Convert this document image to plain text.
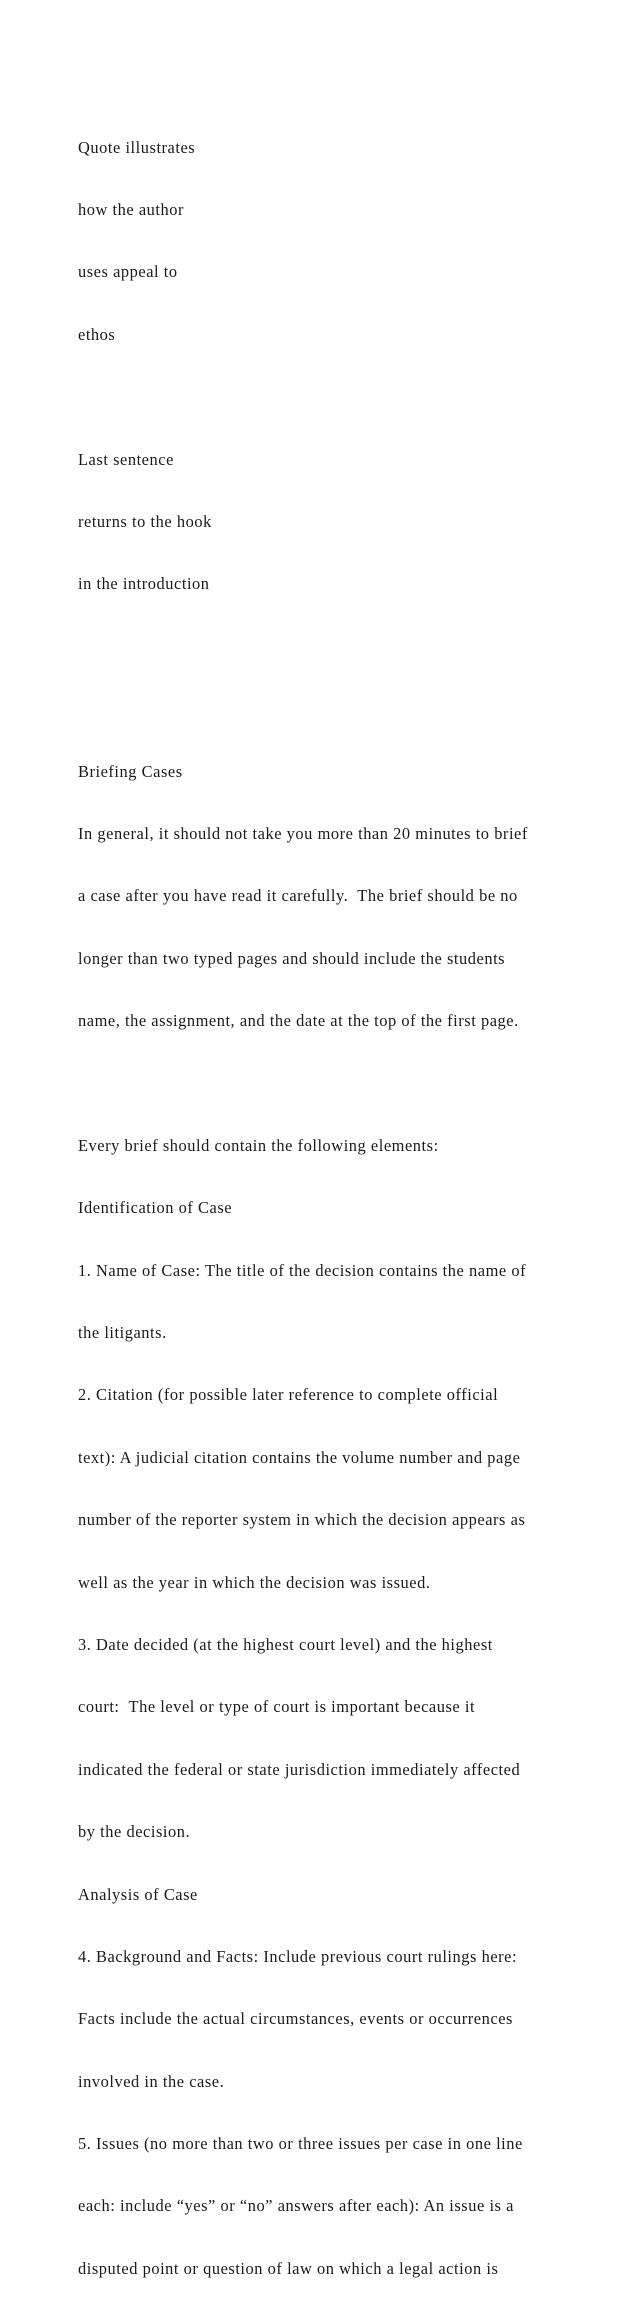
Quote illustrates

how the author

uses appeal to

ethos

Last sentence

returns to the hook

in the introduction

Briefing Cases

In general, it should not take you more than 20 minutes to brief

a case after you have read it carefully.  The brief should be no

longer than two typed pages and should include the students

name, the assignment, and the date at the top of the first page.

Every brief should contain the following elements:

Identification of Case

1. Name of Case: The title of the decision contains the name of

the litigants.

2. Citation (for possible later reference to complete official

text): A judicial citation contains the volume number and page

number of the reporter system in which the decision appears as

well as the year in which the decision was issued.

3. Date decided (at the highest court level) and the highest

court:  The level or type of court is important because it

indicated the federal or state jurisdiction immediately affected

by the decision.

Analysis of Case

4. Background and Facts: Include previous court rulings here:

Facts include the actual circumstances, events or occurrences

involved in the case.

5. Issues (no more than two or three issues per case in one line

each: include “yes” or “no” answers after each): An issue is a

disputed point or question of law on which a legal action is
